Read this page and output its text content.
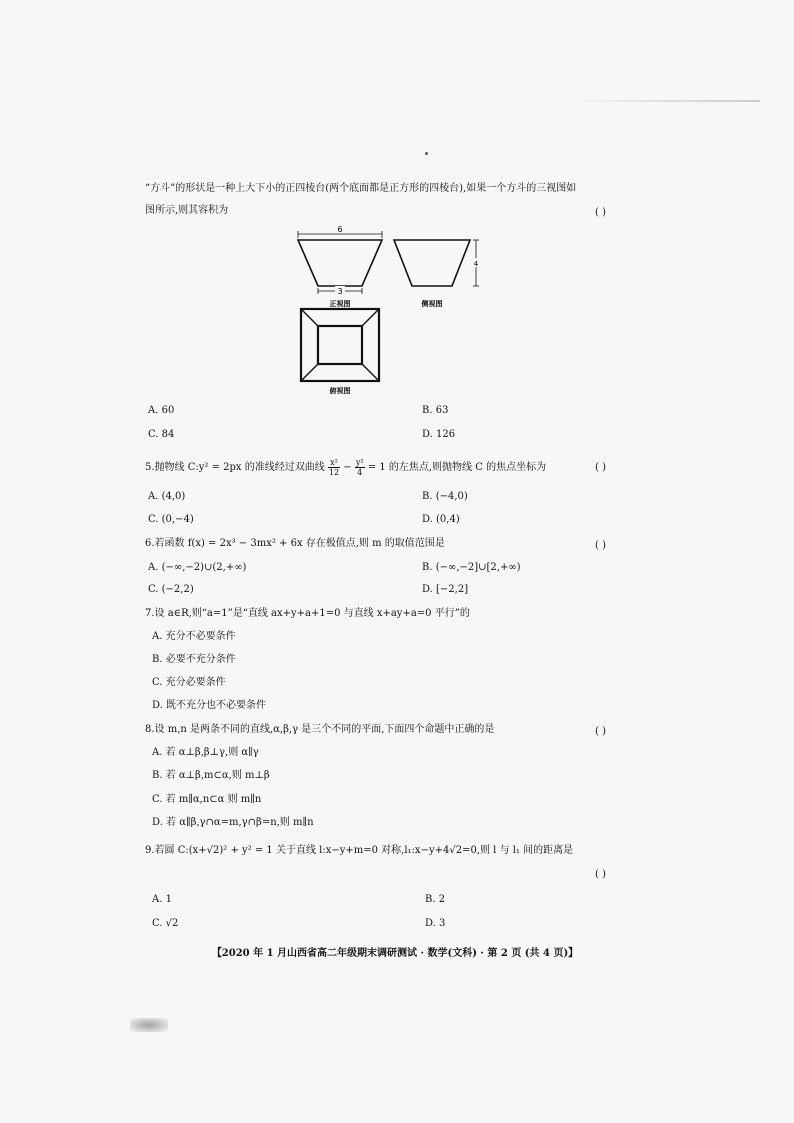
“方斗”的形状是一种上大下小的正四棱台(两个底面都是正方形的四棱台),如果一个方斗的三视图如
图所示,则其容积为	( )
6
3
正视图
4
侧视图
俯视图
A. 60	B. 63
C. 84	D. 126
5.抛物线 C:y² = 2px 的准线经过双曲线 $\frac{\text{x²}}{12} - \frac{\text{y²}}{4} = 1$ 的左焦点,则抛物线 C 的焦点坐标为	( )
A. (4,0)	B. (−4,0)
C. (0,−4)	D. (0,4)
6.若函数 f(x) = 2x³ − 3mx² + 6x 存在极值点,则 m 的取值范围是	( )
A. (−∞,−2)∪(2,+∞)	B. (−∞,−2]∪[2,+∞)
C. (−2,2)	D. [−2,2]
7.设 a∈R,则“a=1”是“直线 ax+y+a+1=0 与直线 x+ay+a=0 平行”的
A. 充分不必要条件
B. 必要不充分条件
C. 充分必要条件
D. 既不充分也不必要条件
8.设 m,n 是两条不同的直线,α,β,γ 是三个不同的平面,下面四个命题中正确的是	( )
A. 若 α⊥β,β⊥γ,则 α∥γ
B. 若 α⊥β,m⊂α,则 m⊥β
C. 若 m∥α,n⊂α 则 m∥n
D. 若 α∥β,γ∩α=m,γ∩β=n,则 m∥n
9.若圆 C:(x+√2)² + y² = 1 关于直线 l:x−y+m=0 对称,l₁:x−y+4√2=0,则 l 与 l₁ 间的距离是
( )
A. 1	B. 2
C. √2	D. 3
【2020 年 1 月山西省高二年级期末调研测试 · 数学(文科) · 第 2 页 (共 4 页)】
